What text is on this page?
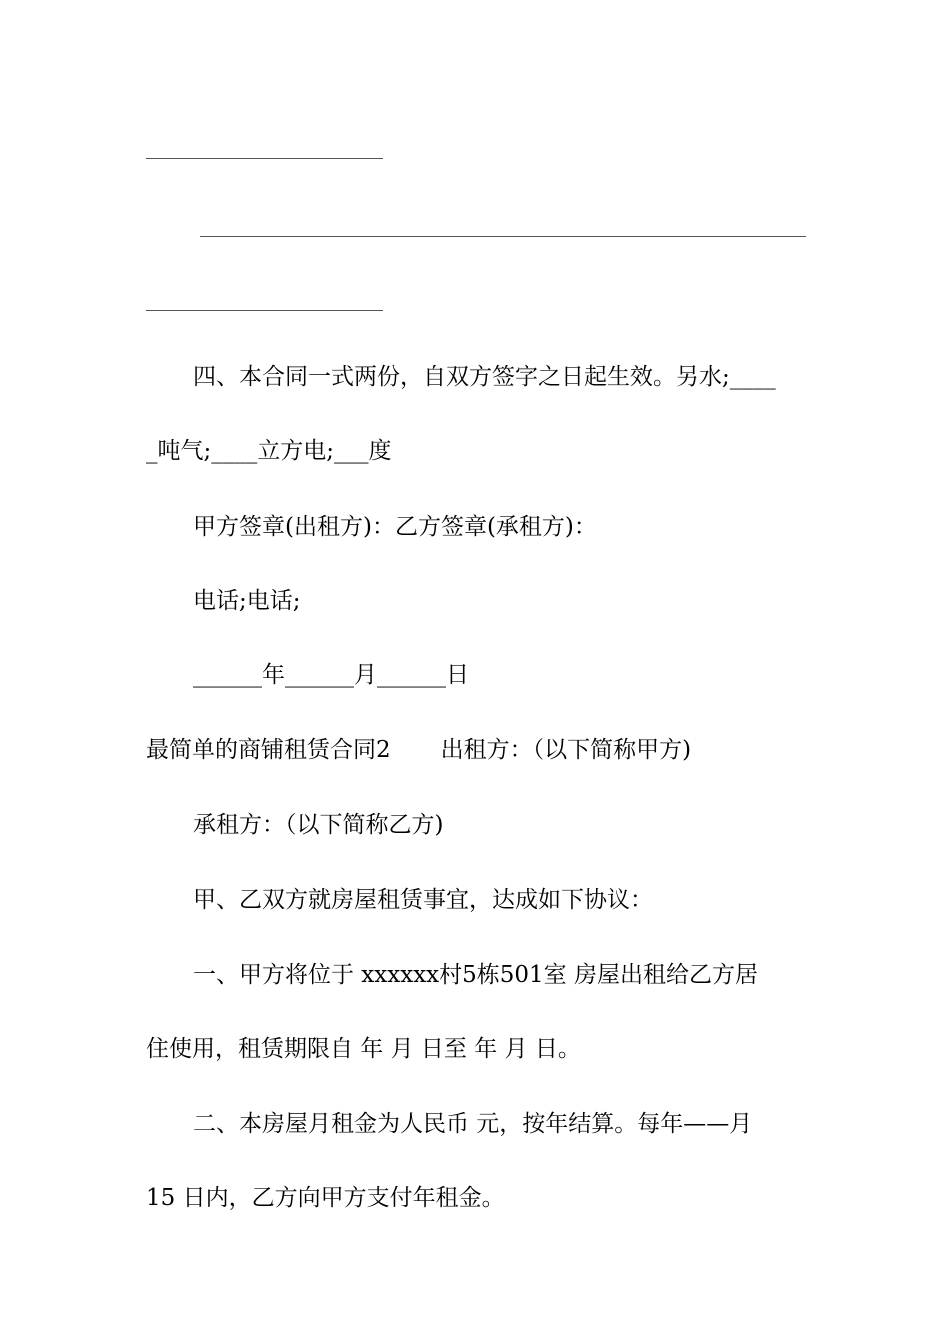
四、本合同一式两份，自双方签字之日起生效。另水;____
_吨气;____立方电;___度
甲方签章(出租方)：乙方签章(承租方)：
电话;电话;
______年______月______日
最简单的商铺租赁合同2 出租方：（以下简称甲方)
承租方：（以下简称乙方)
甲、乙双方就房屋租赁事宜，达成如下协议：
一、甲方将位于 xxxxxx村5栋501室 房屋出租给乙方居
住使用，租赁期限自 年 月 日至 年 月 日。
二、本房屋月租金为人民币 元，按年结算。每年——月
15 日内，乙方向甲方支付年租金。
